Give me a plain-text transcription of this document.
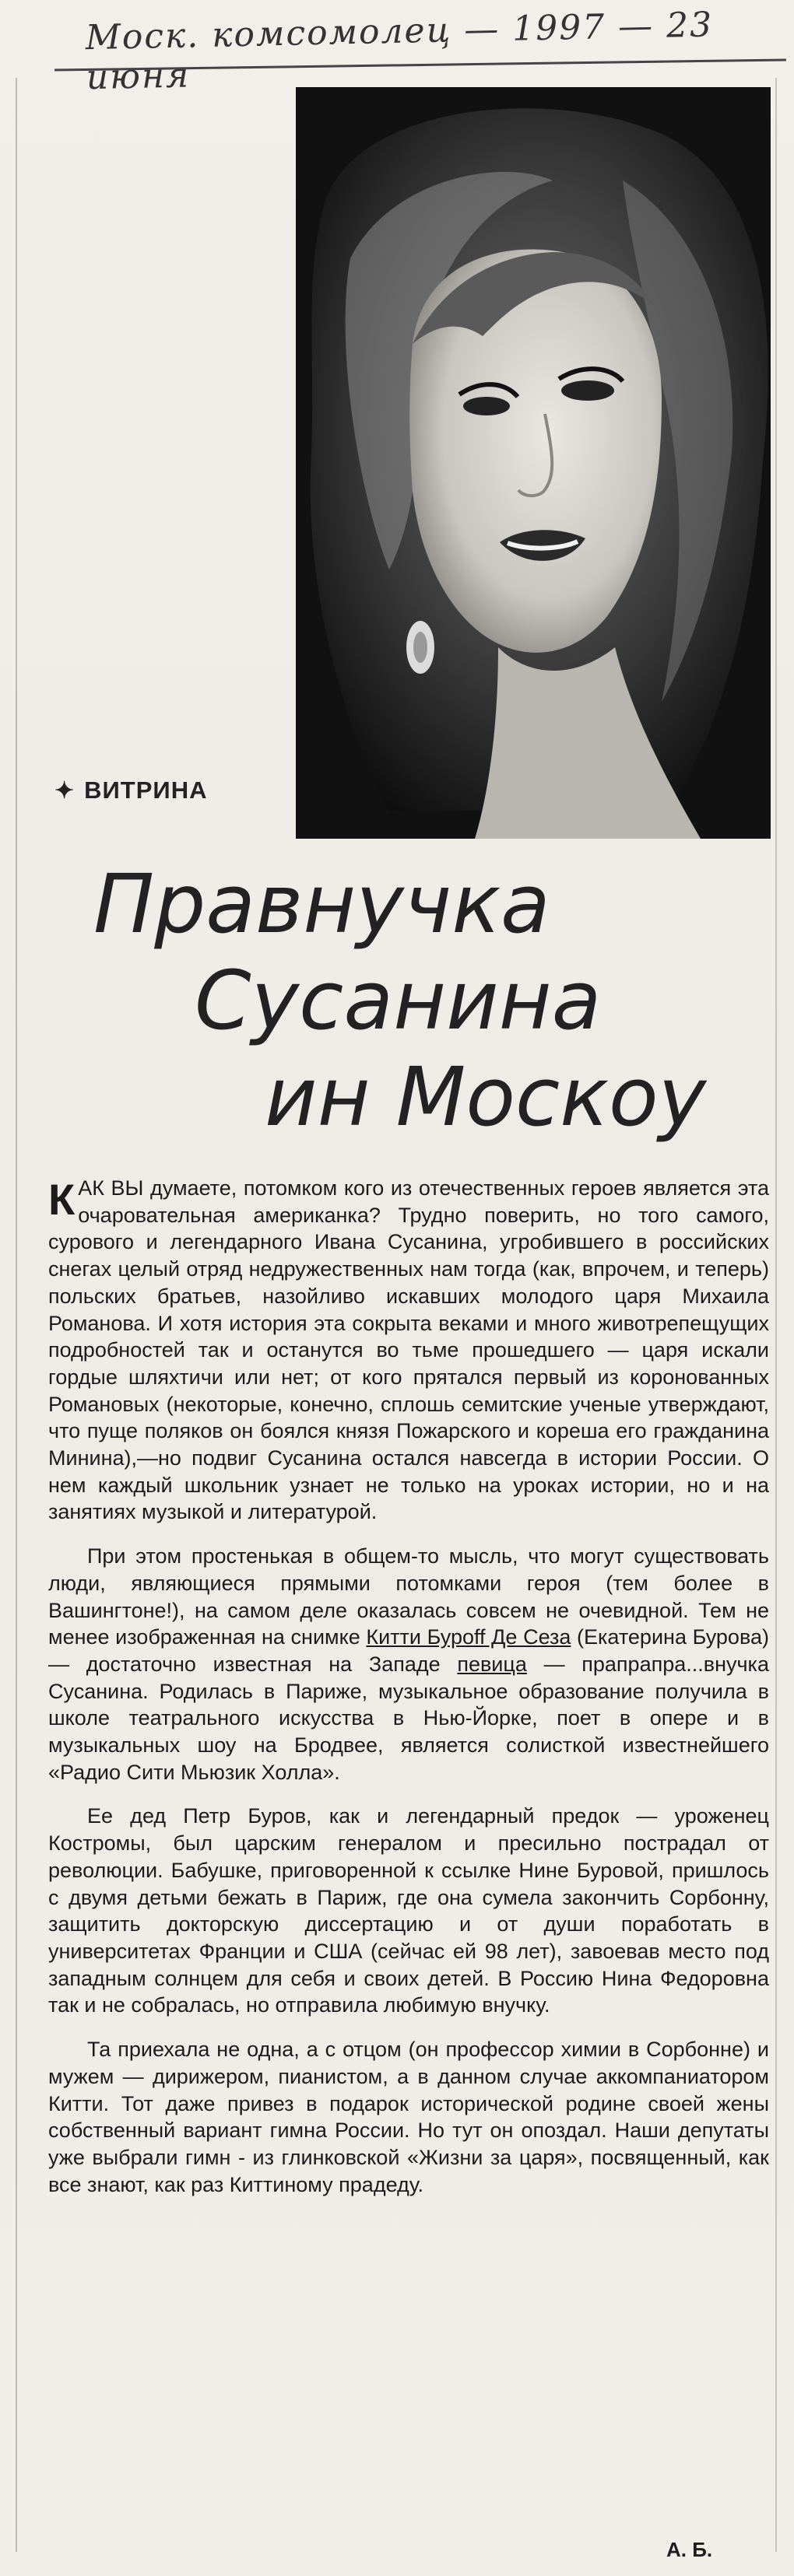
Моск. комсомолец — 1997 — 23 июня
✦ ВИТРИНА
Правнучка
Сусанина
ин Москоу

КАК ВЫ думаете, потомком кого из отечественных героев является эта очаровательная американка? Трудно поверить, но того самого, сурового и легендарного Ивана Сусанина, угробившего в российских снегах целый отряд недружественных нам тогда (как, впрочем, и теперь) польских братьев, назойливо искавших молодого царя Михаила Романова. И хотя история эта сокрыта веками и много животрепещущих подробностей так и останутся во тьме прошедшего — царя искали гордые шляхтичи или нет; от кого прятался первый из коронованных Романовых (некоторые, конечно, сплошь семитские ученые утверждают, что пуще поляков он боялся князя Пожарского и кореша его гражданина Минина),—но подвиг Сусанина остался навсегда в истории России. О нем каждый школьник узнает не только на уроках истории, но и на занятиях музыкой и литературой.

При этом простенькая в общем-то мысль, что могут существовать люди, являющиеся прямыми потомками героя (тем более в Вашингтоне!), на самом деле оказалась совсем не очевидной. Тем не менее изображенная на снимке Китти Буроff Де Сеза (Екатерина Бурова) — достаточно известная на Западе певица — прапрапра...внучка Сусанина. Родилась в Париже, музыкальное образование получила в школе театрального искусства в Нью-Йорке, поет в опере и в музыкальных шоу на Бродвее, является солисткой известнейшего «Радио Сити Мьюзик Холла».

Ее дед Петр Буров, как и легендарный предок — уроженец Костромы, был царским генералом и пресильно пострадал от революции. Бабушке, приговоренной к ссылке Нине Буровой, пришлось с двумя детьми бежать в Париж, где она сумела закончить Сорбонну, защитить докторскую диссертацию и от души поработать в университетах Франции и США (сейчас ей 98 лет), завоевав место под западным солнцем для себя и своих детей. В Россию Нина Федоровна так и не собралась, но отправила любимую внучку.

Та приехала не одна, а с отцом (он профессор химии в Сорбонне) и мужем — дирижером, пианистом, а в данном случае аккомпаниатором Китти. Тот даже привез в подарок исторической родине своей жены собственный вариант гимна России. Но тут он опоздал. Наши депутаты уже выбрали гимн - из глинковской «Жизни за царя», посвященный, как все знают, как раз Киттиному прадеду.

А. Б.
